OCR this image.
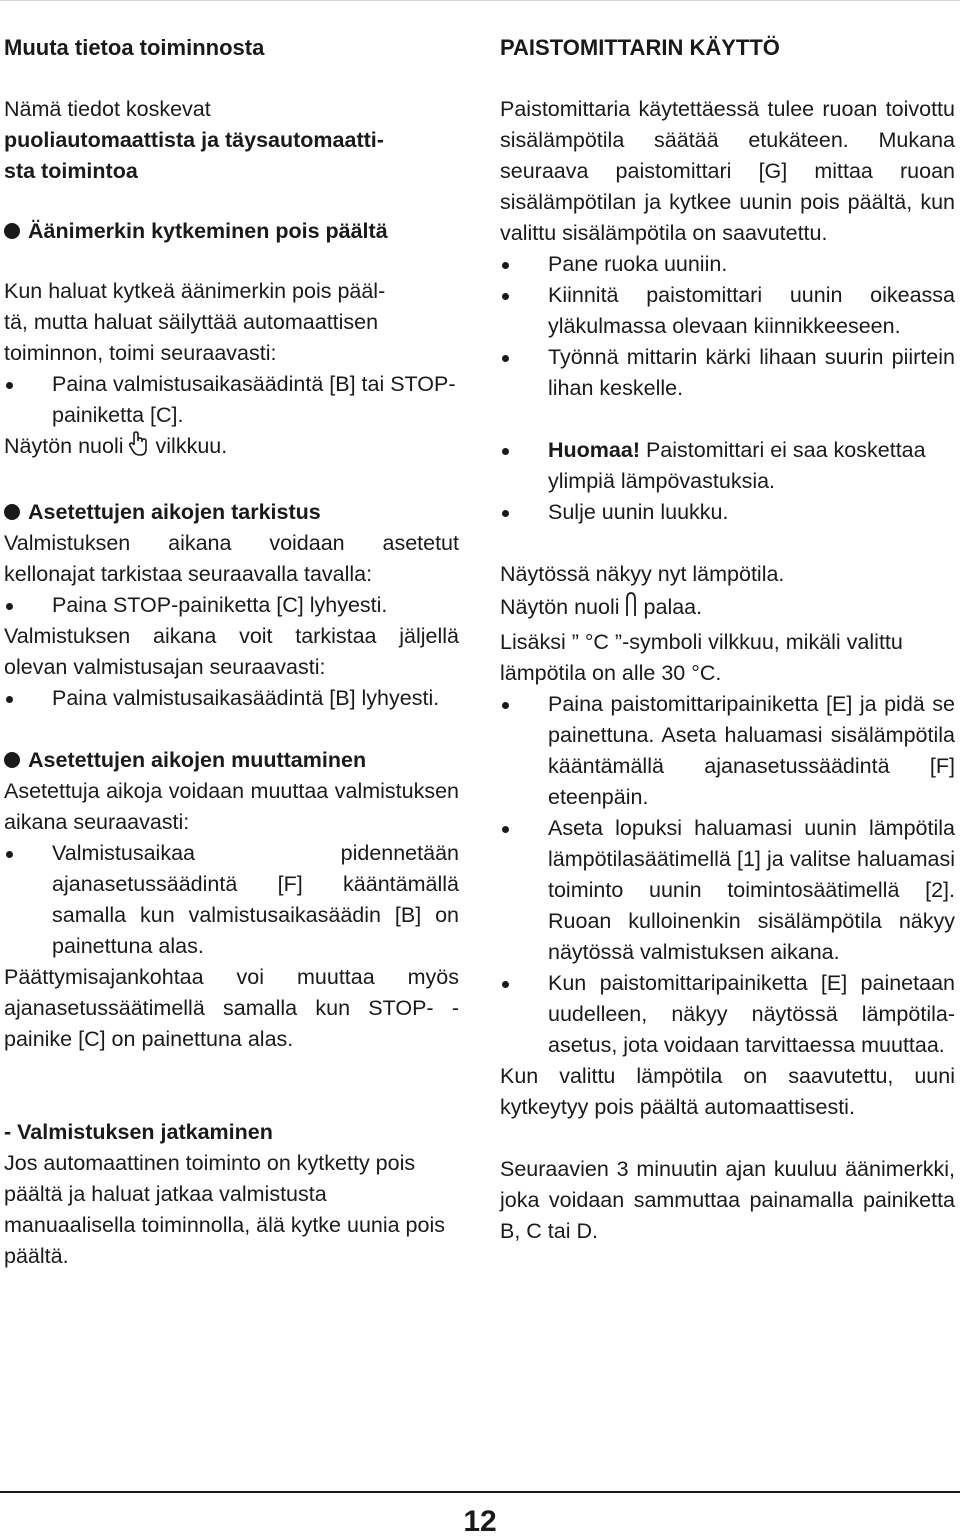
Muuta tietoa toiminnosta

Nämä tiedot koskevat

puoliautomaattista ja täysautomaatti-

sta toimintoa

Äänimerkin kytkeminen pois päältä

Kun haluat kytkeä äänimerkin pois pääl-

tä, mutta haluat säilyttää automaattisen

toiminnon, toimi seuraavasti:

Paina valmistusaikasäädintä [B] tai STOP-painiketta [C].

Näytön nuoli vilkkuu.

Asetettujen aikojen tarkistus

Valmistuksen aikana voidaan asetetut kellonajat tarkistaa seuraavalla tavalla:

Paina STOP-painiketta [C] lyhyesti.

Valmistuksen aikana voit tarkistaa jäljellä olevan valmistusajan seuraavasti:

Paina valmistusaikasäädintä [B] lyhyesti.
Asetettujen aikojen muuttaminen

Asetettuja aikoja voidaan muuttaa valmistuksen aikana seuraavasti:

Valmistusaikaa pidennetään ajanasetussäädintä [F] kääntämällä samalla kun valmistusaikasäädin [B] on painettuna alas.

Päättymisajankohtaa voi muuttaa myös ajanasetussäätimellä samalla kun STOP- -painike [C] on painettuna alas.

- Valmistuksen jatkaminen

Jos automaattinen toiminto on kytketty pois päältä ja haluat jatkaa valmistusta manuaalisella toiminnolla, älä kytke uunia pois päältä.

PAISTOMITTARIN KÄYTTÖ

Paistomittaria käytettäessä tulee ruoan toivottu sisälämpötila säätää etukäteen. Mukana seuraava paistomittari [G] mittaa ruoan sisälämpötilan ja kytkee uunin pois päältä, kun valittu sisälämpötila on saavutettu.

Pane ruoka uuniin.
Kiinnitä paistomittari uunin oikeassa yläkulmassa olevaan kiinnikkeeseen.
Työnnä mittarin kärki lihaan suurin piirtein lihan keskelle.
Huomaa! Paistomittari ei saa koskettaa ylimpiä lämpövastuksia.
Sulje uunin luukku.

Näytössä näkyy nyt lämpötila.

Näytön nuoli palaa.

Lisäksi ” °C ”-symboli vilkkuu, mikäli valittu lämpötila on alle 30 °C.

Paina paistomittaripainiketta [E] ja pidä se painettuna. Aseta haluamasi sisälämpötila kääntämällä ajanasetussäädintä [F] eteenpäin.
Aseta lopuksi haluamasi uunin lämpötila lämpötilasäätimellä [1] ja valitse haluamasi toiminto uunin toimintosäätimellä [2]. Ruoan kulloinenkin sisälämpötila näkyy näytössä valmistuksen aikana.
Kun paistomittaripainiketta [E] painetaan uudelleen, näkyy näytössä lämpötila-asetus, jota voidaan tarvittaessa muuttaa.

Kun valittu lämpötila on saavutettu, uuni kytkeytyy pois päältä automaattisesti.

Seuraavien 3 minuutin ajan kuuluu äänimerkki, joka voidaan sammuttaa painamalla painiketta B, C tai D.

12
